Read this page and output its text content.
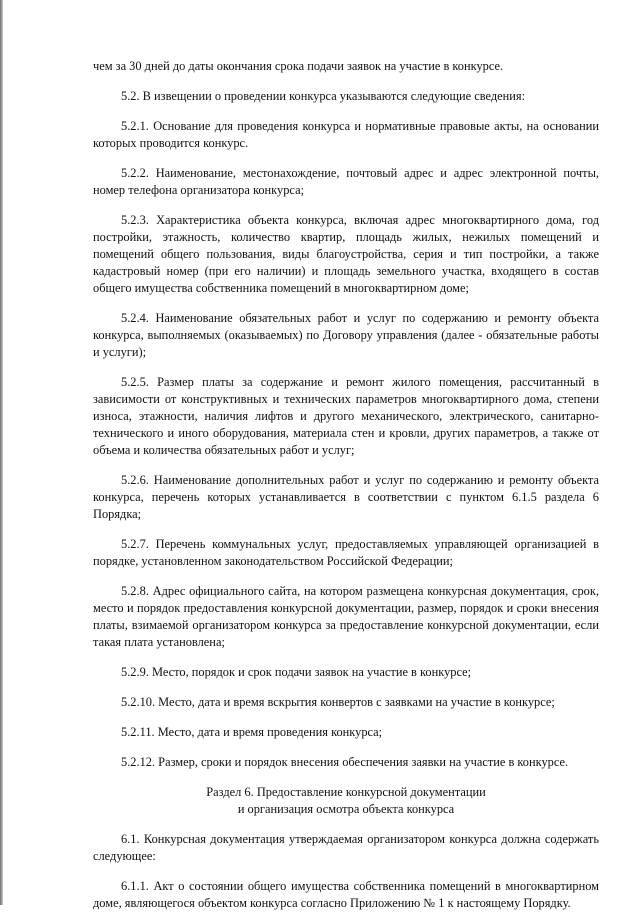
чем за 30 дней до даты окончания срока подачи заявок на участие в конкурсе.

5.2. В извещении о проведении конкурса указываются следующие сведения:

5.2.1. Основание для проведения конкурса и нормативные правовые акты, на основании которых проводится конкурс.

5.2.2. Наименование, местонахождение, почтовый адрес и адрес электронной почты, номер телефона организатора конкурса;

5.2.3. Характеристика объекта конкурса, включая адрес многоквартирного дома, год постройки, этажность, количество квартир, площадь жилых, нежилых помещений и помещений общего пользования, виды благоустройства, серия и тип постройки, а также кадастровый номер (при его наличии) и площадь земельного участка, входящего в состав общего имущества собственника помещений в многоквартирном доме;

5.2.4. Наименование обязательных работ и услуг по содержанию и ремонту объекта конкурса, выполняемых (оказываемых) по Договору управления (далее - обязательные работы и услуги);

5.2.5. Размер платы за содержание и ремонт жилого помещения, рассчитанный в зависимости от конструктивных и технических параметров многоквартирного дома, степени износа, этажности, наличия лифтов и другого механического, электрического, санитарно-технического и иного оборудования, материала стен и кровли, других параметров, а также от объема и количества обязательных работ и услуг;

5.2.6. Наименование дополнительных работ и услуг по содержанию и ремонту объекта конкурса, перечень которых устанавливается в соответствии с пунктом 6.1.5 раздела 6 Порядка;

5.2.7. Перечень коммунальных услуг, предоставляемых управляющей организацией в порядке, установленном законодательством Российской Федерации;

5.2.8. Адрес официального сайта, на котором размещена конкурсная документация, срок, место и порядок предоставления конкурсной документации, размер, порядок и сроки внесения платы, взимаемой организатором конкурса за предоставление конкурсной документации, если такая плата установлена;

5.2.9. Место, порядок и срок подачи заявок на участие в конкурсе;

5.2.10. Место, дата и время вскрытия конвертов с заявками на участие в конкурсе;

5.2.11. Место, дата и время проведения конкурса;

5.2.12. Размер, сроки и порядок внесения обеспечения заявки на участие в конкурсе.

Раздел 6. Предоставление конкурсной документации
и организация осмотра объекта конкурса

6.1. Конкурсная документация утверждаемая организатором конкурса должна содержать следующее:

6.1.1. Акт о состоянии общего имущества собственника помещений в многоквартирном доме, являющегося объектом конкурса согласно Приложению № 1 к настоящему Порядку.
